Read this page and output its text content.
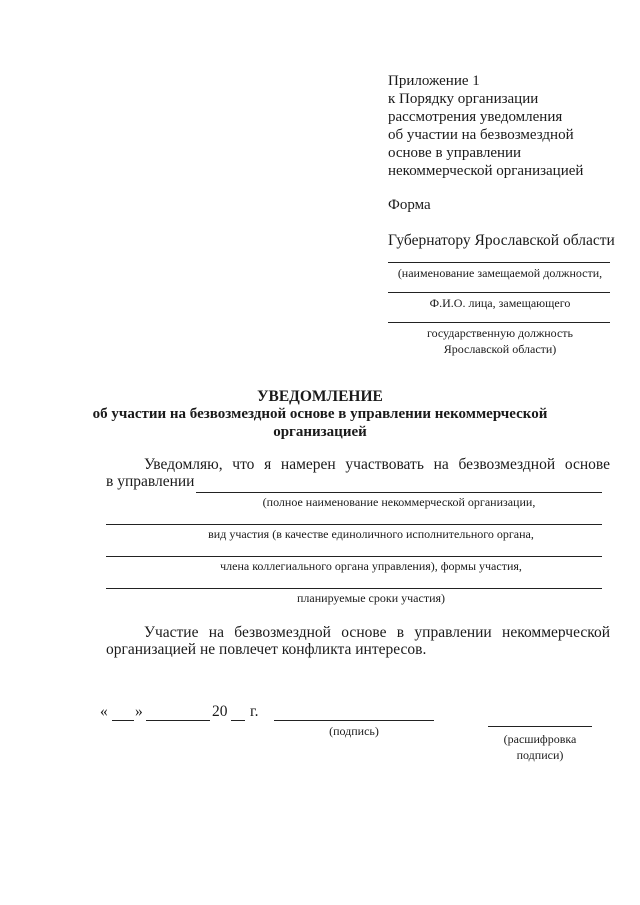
Приложение 1
к Порядку организации
рассмотрения уведомления
об участии на безвозмездной
основе в управлении
некоммерческой организацией
Форма
Губернатору Ярославской области
(наименование замещаемой должности,
Ф.И.О. лица, замещающего
государственную должность
Ярославской области)
УВЕДОМЛЕНИЕ
об участии на безвозмездной основе в управлении некоммерческой
организацией
Уведомляю, что я намерен участвовать на безвозмездной основе
в управлении
(полное наименование некоммерческой организации,
вид участия (в качестве единоличного исполнительного органа,
члена коллегиального органа управления), формы участия,
планируемые сроки участия)
Участие на безвозмездной основе в управлении некоммерческой
организацией не повлечет конфликта интересов.
« »	20 г.
(подпись)
(расшифровка
подписи)
